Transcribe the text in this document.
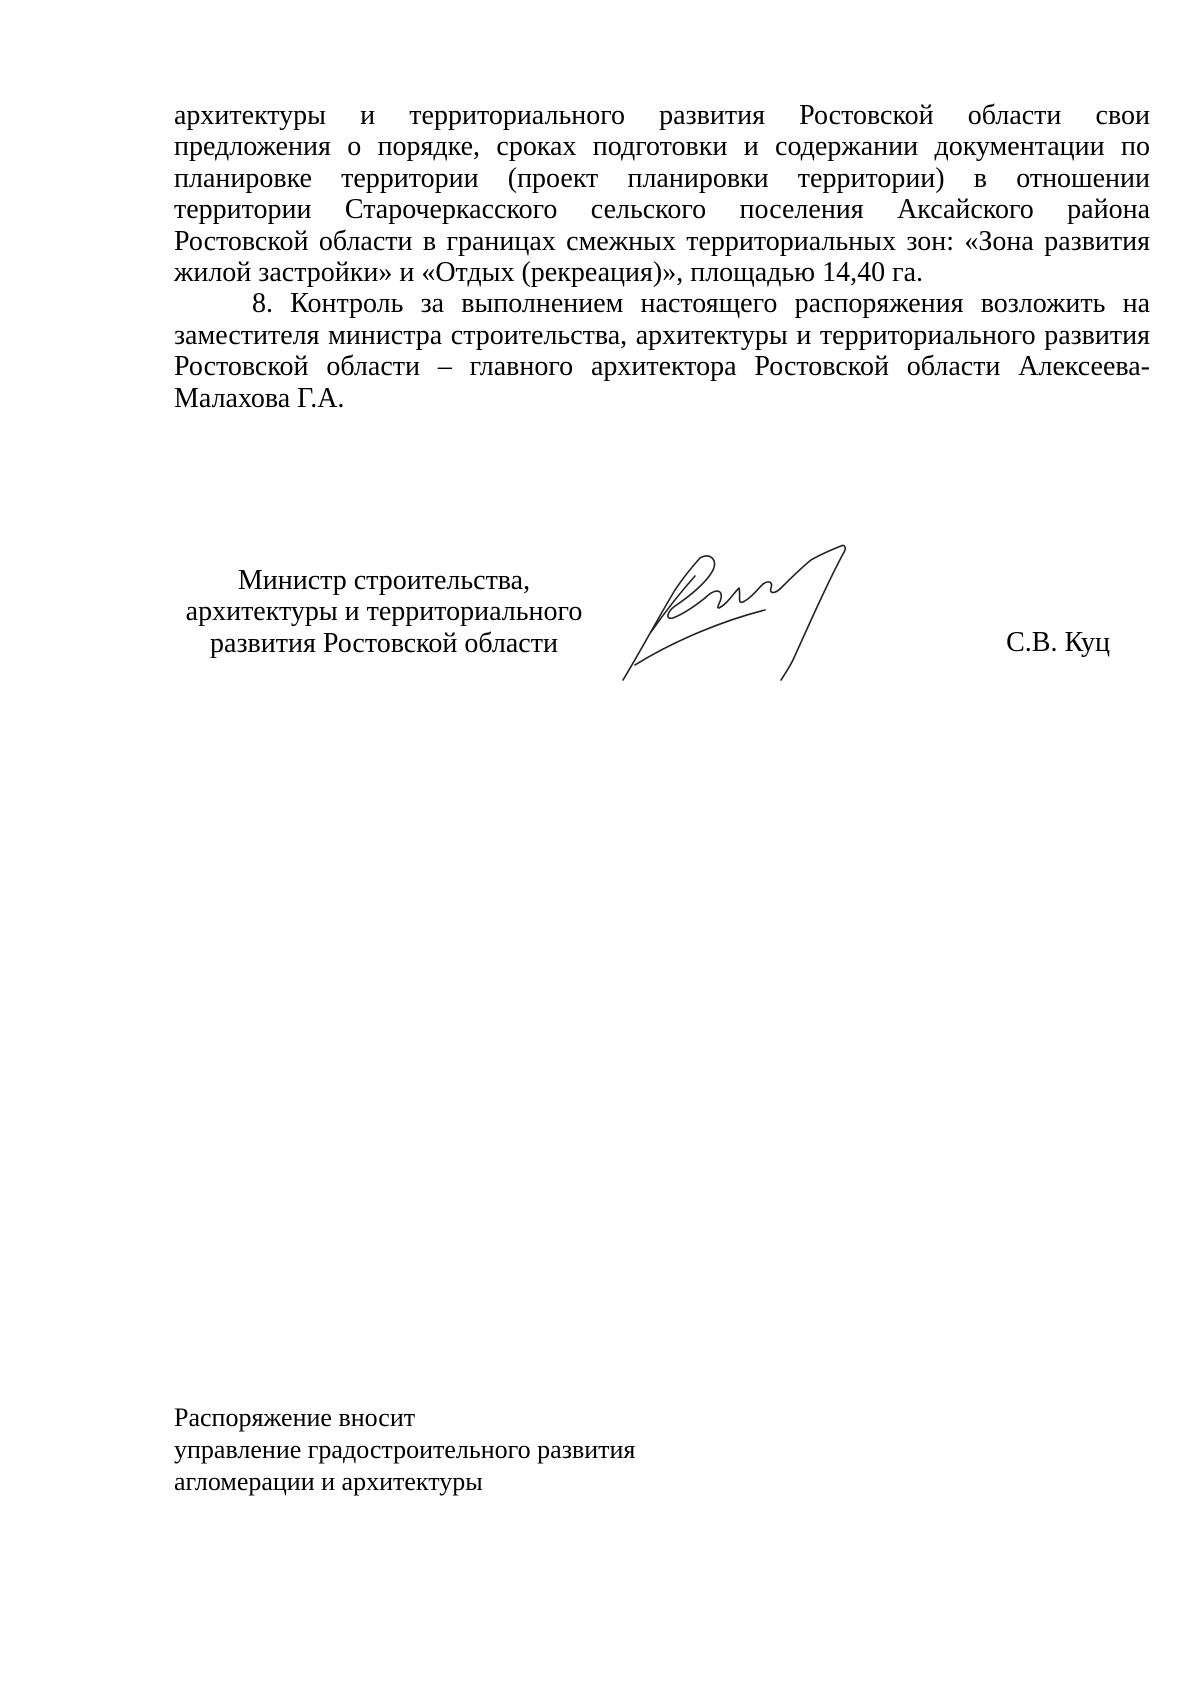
архитектуры и территориального развития Ростовской области свои предложения о порядке, сроках подготовки и содержании документации по планировке территории (проект планировки территории) в отношении территории Старочеркасского сельского поселения Аксайского района Ростовской области в границах смежных территориальных зон: «Зона развития жилой застройки» и «Отдых (рекреация)», площадью 14,40 га.

8. Контроль за выполнением настоящего распоряжения возложить на заместителя министра строительства, архитектуры и территориального развития Ростовской области – главного архитектора Ростовской области Алексеева-Малахова Г.А.

Министр строительства,
архитектуры и территориального
развития Ростовской области	С.В. Куц
Распоряжение вносит
управление градостроительного развития
агломерации и архитектуры
